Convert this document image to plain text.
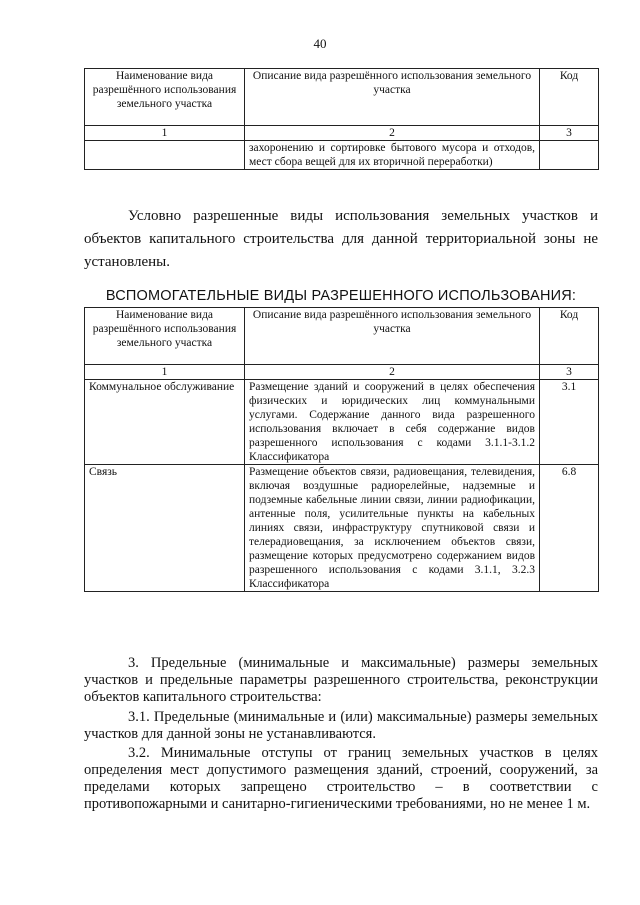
40
Наименование вида разрешённого использования земельного участка	Описание вида разрешённого использования земельного участка	Код
1	2	3
	захоронению и сортировке бытового мусора и отходов, мест сбора вещей для их вторичной переработки)	

Условно разрешенные виды использования земельных участков и объектов капитального строительства для данной территориальной зоны не установлены.

ВСПОМОГАТЕЛЬНЫЕ ВИДЫ РАЗРЕШЕННОГО ИСПОЛЬЗОВАНИЯ:
Наименование вида разрешённого использования земельного участка	Описание вида разрешённого использования земельного участка	Код
1	2	3
Коммунальное обслуживание	Размещение зданий и сооружений в целях обеспечения физических и юридических лиц коммунальными услугами. Содержание данного вида разрешенного использования включает в себя содержание видов разрешенного использования с кодами 3.1.1-3.1.2 Классификатора	3.1
Связь	Размещение объектов связи, радиовещания, телевидения, включая воздушные радиорелейные, надземные и подземные кабельные линии связи, линии радиофикации, антенные поля, усилительные пункты на кабельных линиях связи, инфраструктуру спутниковой связи и телерадиовещания, за исключением объектов связи, размещение которых предусмотрено содержанием видов разрешенного использования с кодами 3.1.1, 3.2.3 Классификатора	6.8

3. Предельные (минимальные и максимальные) размеры земельных участков и предельные параметры разрешенного строительства, реконструкции объектов капитального строительства:

3.1. Предельные (минимальные и (или) максимальные) размеры земельных участков для данной зоны не устанавливаются.

3.2. Минимальные отступы от границ земельных участков в целях определения мест допустимого размещения зданий, строений, сооружений, за пределами которых запрещено строительство – в соответствии с противопожарными и санитарно-гигиеническими требованиями, но не менее 1 м.
